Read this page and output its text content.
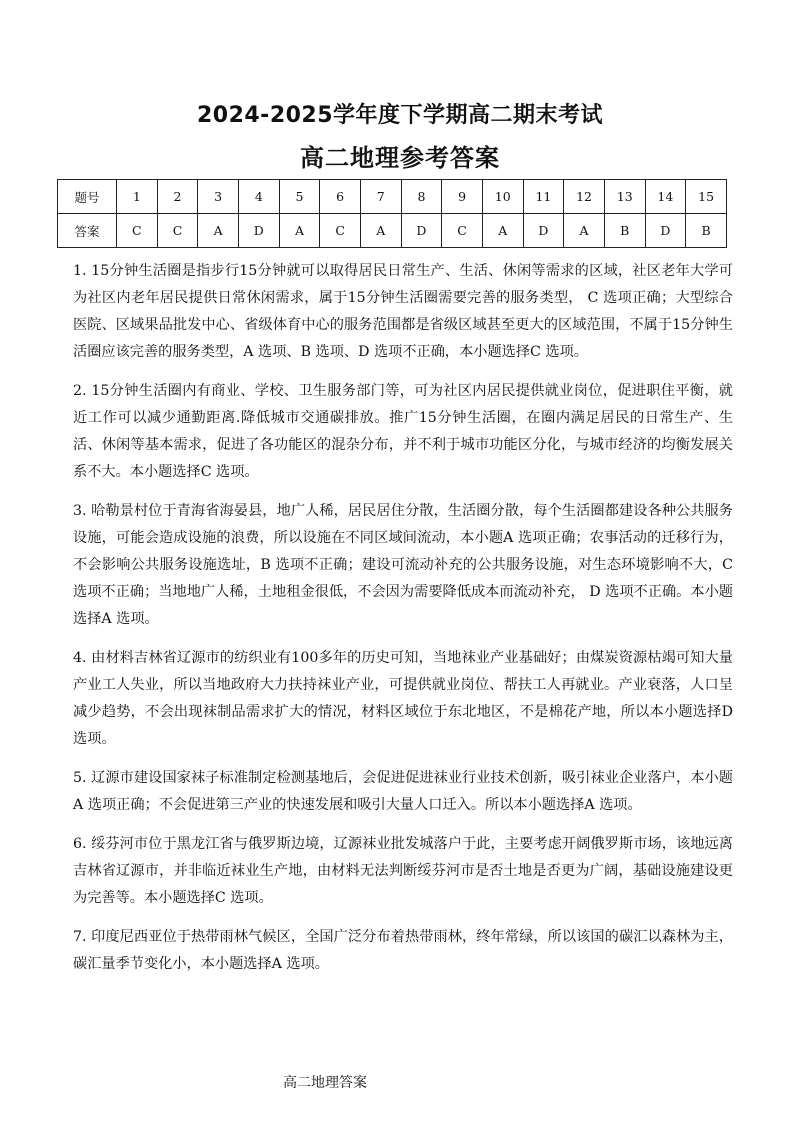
2024-2025学年度下学期高二期末考试
高二地理参考答案
题号	1	2	3	4	5	6	7	8	9	10	11	12	13	14	15
答案	C	C	A	D	A	C	A	D	C	A	D	A	B	D	B

1. 15分钟生活圈是指步行15分钟就可以取得居民日常生产、生活、休闲等需求的区域，社区老年大学可为社区内老年居民提供日常休闲需求，属于15分钟生活圈需要完善的服务类型， C 选项正确；大型综合医院、区域果品批发中心、省级体育中心的服务范围都是省级区域甚至更大的区域范围，不属于15分钟生活圈应该完善的服务类型，A 选项、B 选项、D 选项不正确，本小题选择C 选项。

2. 15分钟生活圈内有商业、学校、卫生服务部门等，可为社区内居民提供就业岗位，促进职住平衡，就近工作可以减少通勤距离.降低城市交通碳排放。推广15分钟生活圈，在圈内满足居民的日常生产、生活、休闲等基本需求，促进了各功能区的混杂分布，并不利于城市功能区分化，与城市经济的均衡发展关系不大。本小题选择C 选项。

3. 哈勒景村位于青海省海晏县，地广人稀，居民居住分散，生活圈分散，每个生活圈都建设各种公共服务设施，可能会造成设施的浪费，所以设施在不同区域间流动，本小题A 选项正确；农事活动的迁移行为，不会影响公共服务设施选址，B 选项不正确；建设可流动补充的公共服务设施，对生态环境影响不大，C 选项不正确；当地地广人稀，土地租金很低，不会因为需要降低成本而流动补充， D 选项不正确。本小题选择A 选项。

4. 由材料吉林省辽源市的纺织业有100多年的历史可知，当地袜业产业基础好；由煤炭资源枯竭可知大量产业工人失业，所以当地政府大力扶持袜业产业，可提供就业岗位、帮扶工人再就业。产业衰落，人口呈减少趋势，不会出现袜制品需求扩大的情况，材料区域位于东北地区，不是棉花产地，所以本小题选择D 选项。

5. 辽源市建设国家袜子标准制定检测基地后，会促进促进袜业行业技术创新，吸引袜业企业落户，本小题A 选项正确；不会促进第三产业的快速发展和吸引大量人口迁入。所以本小题选择A 选项。

6. 绥芬河市位于黑龙江省与俄罗斯边境，辽源袜业批发城落户于此，主要考虑开阔俄罗斯市场，该地远离吉林省辽源市，并非临近袜业生产地，由材料无法判断绥芬河市是否土地是否更为广阔，基础设施建设更为完善等。本小题选择C 选项。

7. 印度尼西亚位于热带雨林气候区，全国广泛分布着热带雨林，终年常绿，所以该国的碳汇以森林为主，碳汇量季节变化小，本小题选择A 选项。

高二地理答案
